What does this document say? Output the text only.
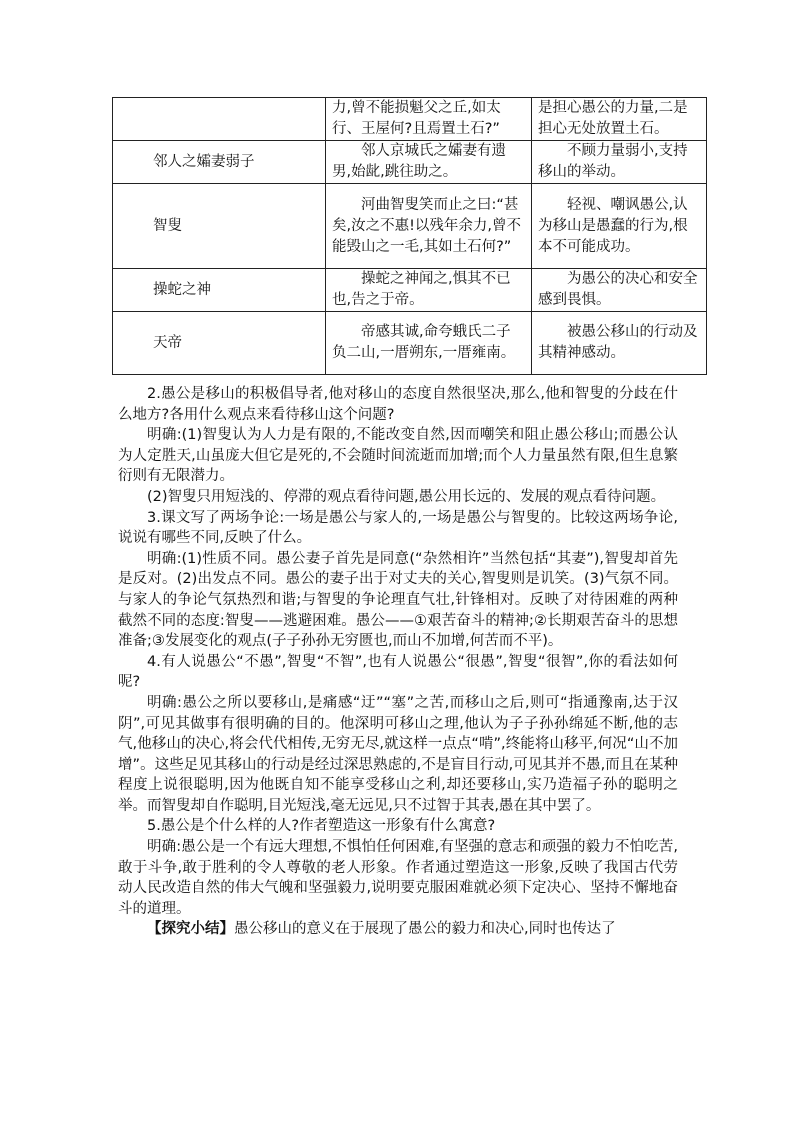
	力,曾不能损魁父之丘,如太行、王屋何?且焉置土石?”	是担心愚公的力量,二是担心无处放置土石。
邻人之孀妻弱子	邻人京城氏之孀妻有遗男,始龀,跳往助之。	不顾力量弱小,支持移山的举动。
智叟	河曲智叟笑而止之曰:“甚矣,汝之不惠!以残年余力,曾不能毁山之一毛,其如土石何?”	轻视、嘲讽愚公,认为移山是愚蠢的行为,根本不可能成功。
操蛇之神	操蛇之神闻之,惧其不已也,告之于帝。	为愚公的决心和安全感到畏惧。
天帝	帝感其诚,命夸蛾氏二子负二山,一厝朔东,一厝雍南。	被愚公移山的行动及其精神感动。

2.愚公是移山的积极倡导者,他对移山的态度自然很坚决,那么,他和智叟的分歧在什么地方?各用什么观点来看待移山这个问题?

明确:(1)智叟认为人力是有限的,不能改变自然,因而嘲笑和阻止愚公移山;而愚公认为人定胜天,山虽庞大但它是死的,不会随时间流逝而加增;而个人力量虽然有限,但生息繁衍则有无限潜力。

(2)智叟只用短浅的、停滞的观点看待问题,愚公用长远的、发展的观点看待问题。

3.课文写了两场争论:一场是愚公与家人的,一场是愚公与智叟的。比较这两场争论,说说有哪些不同,反映了什么。

明确:(1)性质不同。愚公妻子首先是同意(“杂然相许”当然包括“其妻”),智叟却首先是反对。(2)出发点不同。愚公的妻子出于对丈夫的关心,智叟则是讥笑。(3)气氛不同。与家人的争论气氛热烈和谐;与智叟的争论理直气壮,针锋相对。反映了对待困难的两种截然不同的态度:智叟——逃避困难。愚公——①艰苦奋斗的精神;②长期艰苦奋斗的思想准备;③发展变化的观点(子子孙孙无穷匮也,而山不加增,何苦而不平)。

4.有人说愚公“不愚”,智叟“不智”,也有人说愚公“很愚”,智叟“很智”,你的看法如何呢?

明确:愚公之所以要移山,是痛感“迂”“塞”之苦,而移山之后,则可“指通豫南,达于汉阴”,可见其做事有很明确的目的。他深明可移山之理,他认为子子孙孙绵延不断,他的志气,他移山的决心,将会代代相传,无穷无尽,就这样一点点“啃”,终能将山移平,何况“山不加增”。这些足见其移山的行动是经过深思熟虑的,不是盲目行动,可见其并不愚,而且在某种程度上说很聪明,因为他既自知不能享受移山之利,却还要移山,实乃造福子孙的聪明之举。而智叟却自作聪明,目光短浅,毫无远见,只不过智于其表,愚在其中罢了。

5.愚公是个什么样的人?作者塑造这一形象有什么寓意?

明确:愚公是一个有远大理想,不惧怕任何困难,有坚强的意志和顽强的毅力不怕吃苦,敢于斗争,敢于胜利的令人尊敬的老人形象。作者通过塑造这一形象,反映了我国古代劳动人民改造自然的伟大气魄和坚强毅力,说明要克服困难就必须下定决心、坚持不懈地奋斗的道理。

【探究小结】愚公移山的意义在于展现了愚公的毅力和决心,同时也传达了
